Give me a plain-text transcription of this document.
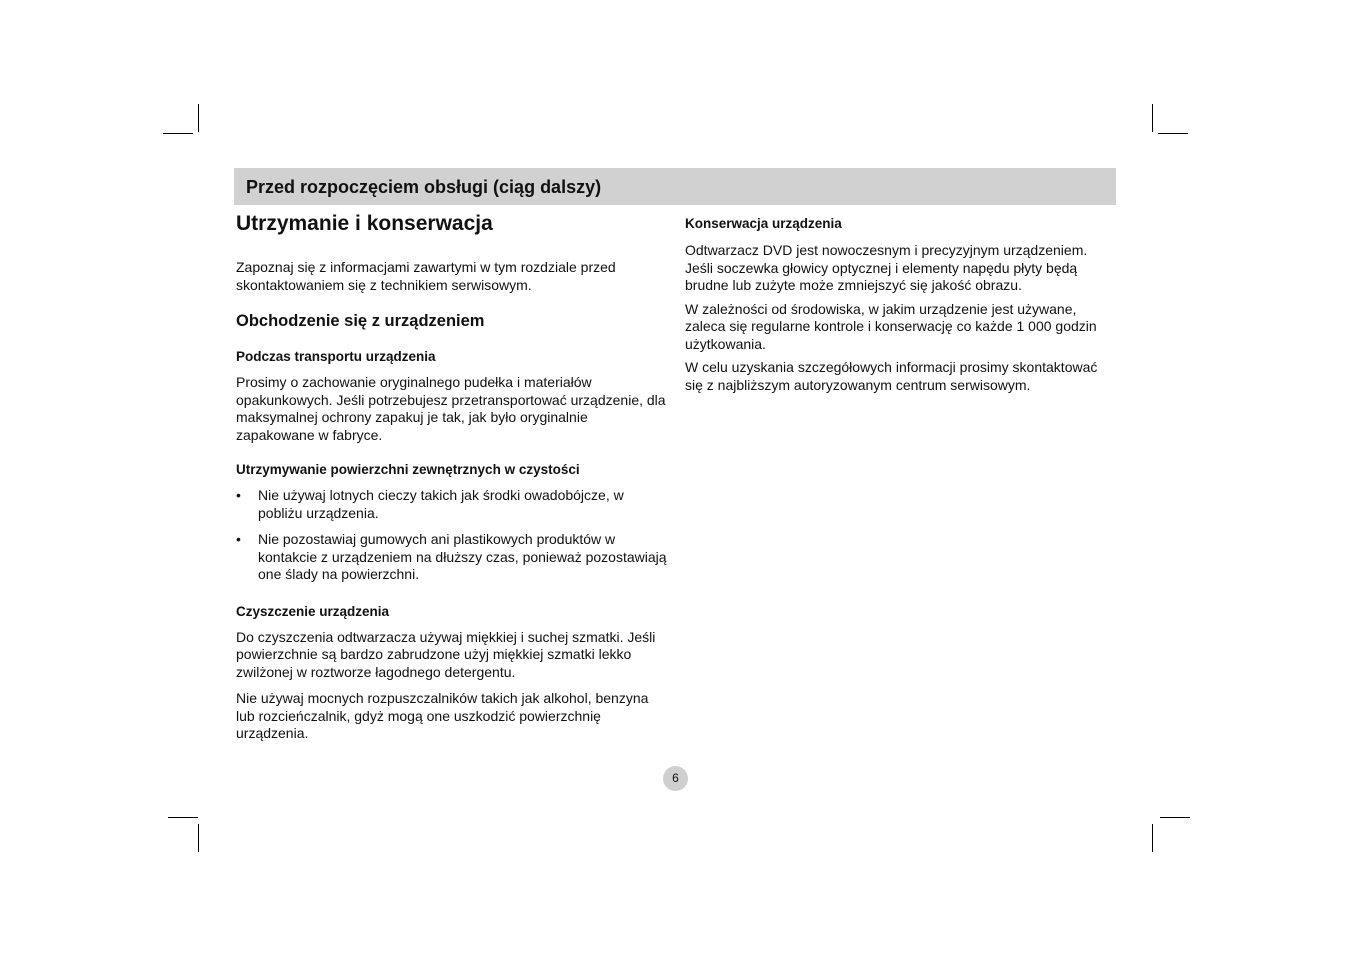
Przed rozpoczęciem obsługi (ciąg dalszy)
Utrzymanie i konserwacja

Zapoznaj się z informacjami zawartymi w tym rozdziale przed skontaktowaniem się z technikiem serwisowym.

Obchodzenie się z urządzeniem
Podczas transportu urządzenia

Prosimy o zachowanie oryginalnego pudełka i materiałów opakunkowych. Jeśli potrzebujesz przetransportować urządzenie, dla maksymalnej ochrony zapakuj je tak, jak było oryginalnie zapakowane w fabryce.

Utrzymywanie powierzchni zewnętrznych w czystości
• Nie używaj lotnych cieczy takich jak środki owadobójcze, w pobliżu urządzenia.
• Nie pozostawiaj gumowych ani plastikowych produktów w kontakcie z urządzeniem na dłuższy czas, ponieważ pozostawiają one ślady na powierzchni.
Czyszczenie urządzenia

Do czyszczenia odtwarzacza używaj miękkiej i suchej szmatki. Jeśli powierzchnie są bardzo zabrudzone użyj miękkiej szmatki lekko zwilżonej w roztworze łagodnego detergentu.

Nie używaj mocnych rozpuszczalników takich jak alkohol, benzyna lub rozcieńczalnik, gdyż mogą one uszkodzić powierzchnię urządzenia.

Konserwacja urządzenia

Odtwarzacz DVD jest nowoczesnym i precyzyjnym urządzeniem. Jeśli soczewka głowicy optycznej i elementy napędu płyty będą brudne lub zużyte może zmniejszyć się jakość obrazu.

W zależności od środowiska, w jakim urządzenie jest używane, zaleca się regularne kontrole i konserwację co każde 1 000 godzin użytkowania.

W celu uzyskania szczegółowych informacji prosimy skontaktować się z najbliższym autoryzowanym centrum serwisowym.

6
